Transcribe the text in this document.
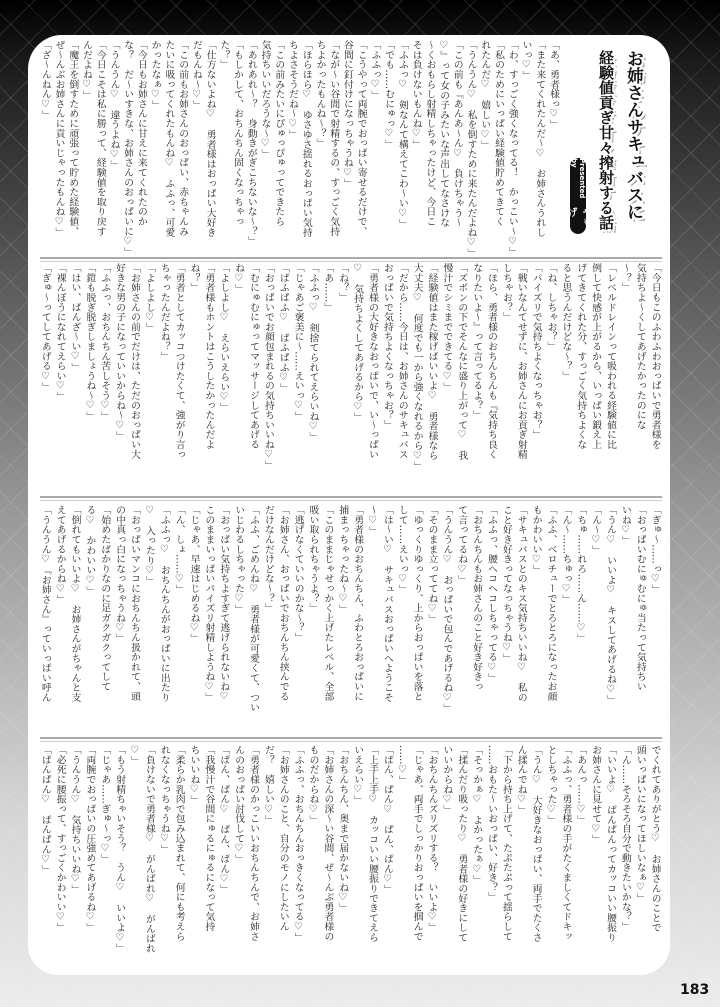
お姉さんサキュバスに
経験値貢ぎ甘々搾射する話
Presented by
やもげ
「あ、勇者様っ♡」
「また来てくれたんだ〜♡　お姉さんうれし
いっ♡」
「わ、すっごく強くなってる！　かっこい〜♡」
「私のためにいっぱい経験値貯めてきてく
れたんだ♡　嬉しい♡」
「うんうん♡　私を倒すために来たんだよね♡」
「この前も『あんあ〜ん♡　負けちゃう〜
♡』って女の子みたいな声出してなさけな
〜くおもらし射精しちゃったけど、今日こ
そは負けないもんね♡」
「ふふっ♡　剣なんて構えてこわ〜い♡」
「でも……むにゅっ♡」
「ふふっ♡」
「こうやって両腕でおっぱい寄せるだけで、
谷間に釘付けになっちゃうね♡」
「なが〜い谷間で射精するの、すっごく気持
ちよかったもんね〜？」
「ほらほら♡　ゆさゆさ揺れるおっぱい気持
ちよさそうだね〜♡」
「この前みたいにぴゅっぴゅってできたら
気持ちいいだろうな〜♡」
「あれあれ〜？　身動きがぎこちないな〜？」
「もしかして、おちんちん固くなっちゃっ
た？」
「仕方ないよね♡　勇者様はおっぱい大好き
だもんね〜♡」
「この前もお姉さんのおっぱい、赤ちゃんみ
たいに吸ってくれたもんね♡　ふふっ、可愛
かったなぁ♡」
「今日もお姉さんに甘えに来てくれたのか
な？　だ〜いすきな、お姉さんのおっぱいに♡」
「うんうん♡　違うよね♡」
「今日こそは私に勝って、経験値を取り戻す
んだよね♡」
「魔王を倒すために頑張って貯めた経験値、
ぜ〜んぶお姉さんに貢いじゃったもんね♡」
「ざ〜んねん♡」
「今日もこのふわふわおっぱいで勇者様を
気持ちよ〜くしてあげたかったのにな
〜？」
「レベルドレインって吸われる経験値に比
例して快感が上がるから、いっぱい鍛え上
げてきてくれた分、すっごく気持ちよくな
ると思うんだけどな〜？」
「ね、しちゃお？」
「パイズリで気持ちよくなっちゃお？」
「戦いなんてせずに、お姉さんにお貢ぎ射精
しちゃお？」
「ほら、勇者様のおちんちんも『気持ち良く
なりたいよ〜』って言ってるよ？」
「ズボンの下でそんなに盛り上がって♡　我
慢汁でシミまでできてる♡」
「経験値はまた稼げばいいよ♡　勇者様なら
大丈夫♡　何度でも一から強くなれるから♡」
「だから……今日は、お姉さんのサキュバス
おっぱいで気持ちよくなっちゃお？」
「勇者様の大好きなおっぱいで、い〜っぱい
♡　気持ちよくしてあげるから♡」
「ね？」
「あ……」
「ふふっ♡　剣捨てられてえらいね♡」
「じゃあご褒美に〜……えいっ♡」
「ぱふぱふ♡　ぱふぱふ♡」
「おっぱいでお顔包まれるの気持ちいいね♡」
「むにゅむにゅってマッサージしてあげる
ね♡」
「よしよし♡　えらいえらい♡」
「勇者様もホントはこうしたかったんだよ
ね？」
「勇者としてカッコつけたくて、強がり言っ
ちゃったんだよね？」
「よしよし♡」
「お姉さんの前でだけは、ただのおっぱい大
好きな男の子になっていいからね〜♡」
「ふふっ、おちんちん苦しそう♡」
「鎧も脱ぎ脱ぎしましょうね〜♡」
「はい、ばんざ〜い♡」
「裸んぼうになれてえらい♡」
「ぎゅ〜ってしてあげる♡」
「ぎゅ〜……っ♡」
「おっぱいむにゅむにゅ当たって気持ちい
いね♡」
「うん♡　いいよ♡　キスしてあげるね♡」
「ん〜♡」
「ちゅ……れろ……ん……♡」
「ん〜……ちゅっ♡」
「ふふ、ベロチューでとろとろになったお顔
もかわいい♡」
「サキュバスとのキス気持ちいいね♡　私の
こと好き好きってなっちゃうね♡」
「ふふっ、腰ヘコヘコしちゃってる♡」
「おちんちんもお姉さんのこと好き好きっ
て言ってるね♡」
「うんうん♡　おっぱいで包んであげるね♡」
「そのまま立っててね♡」
「ゆっくりゆっくり、上からおっぱいを落と
して……えいっ♡」
「は〜い♡　サキュバスおっぱいへようこそ
〜♡」
「勇者様のおちんちん、ふわとろおっぱいに
捕まっちゃったね〜♡」
「このままじゃせっかく上げたレベル、全部
吸い取られちゃうよ？」
「逃げなくていいのかな〜？」
「お姉さん、おっぱいでおちんちん挟んでる
だけなんだけどな〜？」
「ふふ、ごめんね♡　勇者様が可愛くて、つい
いじわるしちゃった♡」
「おっぱい気持ちよすぎて逃げられないね♡
このままいっぱいパイズリ射精しようね♡」
「じゃあ、早速はじめるね♡」
「ん、しょ……♡」
「ふふっ♡　おちんちんがおっぱいに出たり
♡　入ったり♡」
「おっぱいマンコにおちんちん扱かれて、頭
の中真っ白になっちゃうね♡」
「始めたばかりなのに足ガクガクってして
る♡　かわいい♡」
「倒れてもいいよ♡　お姉さんがちゃんと支
えてあげるからね♡」
「うんうん♡『お姉さん』っていっぱい呼ん
でくれてありがとう♡　お姉さんのことで
頭いっぱいになってほしいなぁ♡」
「ん……そろそろ自分で動きたいかな？」
「いいよ♡　ぱんぱんってカッコいい腰振り
お姉さんに見せて♡」
「あんっ……♡」
「ふふっ、勇者様の手がたくましくてドキッ
としちゃった♡」
「うん♡　大好きなおっぱい、両手でたくさ
ん揉んでね♡」
「下から持ち上げて、たぷたぷって揺らして
……おもた〜いおっぱい、好き？」
「そっかぁ♡　よかったぁ♡」
「揉んだり吸ったり♡　勇者様の好きにして
いいからね♡」
「おちんちんズリズリする？　いいよ♡」
「じゃあ、両手でしっかりおっぱいを掴んで
……♡」
「ぱん、ぱん♡　ぱん、ぱん♡」
「上手上手♡　カッコいい腰振りできてえら
いえらい♡」
「おちんちん、奥まで届かないね♡」
「お姉さんの深〜い谷間、ぜ〜んぶ勇者様の
ものだからね♡」
「ふふっ、おちんちんおっきくなってる♡」
「お姉さんのこと、自分のモノにしたいん
だ？　嬉しい♡」
「勇者様のかっこいいおちんちんで、お姉さ
んのおっぱい討伐して♡」
「ぱん、ぱん♡　ぱん、ぱん♡」
「我慢汁で谷間にゅるにゅるになって気持
ちいいね♡」
「柔らか乳肉で包み込まれて、何にも考えら
れなくなっちゃうね♡」
「負けないで勇者様♡　がんばれ♡　がんばれ
♡」
「もう射精ちゃいそう？　うん♡　いいよ♡」
「じゃあ……ぎゅ〜っ♡」
「両腕でおっぱいの圧強めてあげるね♡」
「うんうん♡　気持ちいいね♡」
「必死に腰振って、すっごくかわいい♡」
「ぱんぱん♡　ぱんぱん♡」
183
